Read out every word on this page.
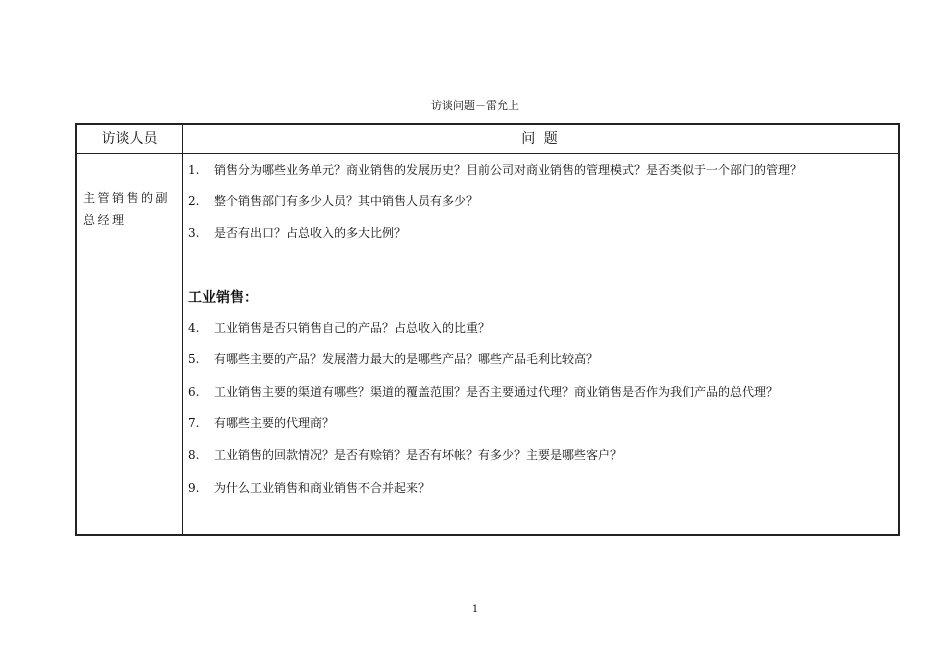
访谈问题－雷允上
访谈人员	问 题
主管销售的副总经理
1. 销售分为哪些业务单元？商业销售的发展历史？目前公司对商业销售的管理模式？是否类似于一个部门的管理？
2. 整个销售部门有多少人员？其中销售人员有多少？
3. 是否有出口？占总收入的多大比例？
工业销售：
4. 工业销售是否只销售自己的产品？占总收入的比重？
5. 有哪些主要的产品？发展潜力最大的是哪些产品？哪些产品毛利比较高？
6. 工业销售主要的渠道有哪些？渠道的覆盖范围？是否主要通过代理？商业销售是否作为我们产品的总代理？
7. 有哪些主要的代理商？
8. 工业销售的回款情况？是否有赊销？是否有坏帐？有多少？主要是哪些客户？
9. 为什么工业销售和商业销售不合并起来？
1
